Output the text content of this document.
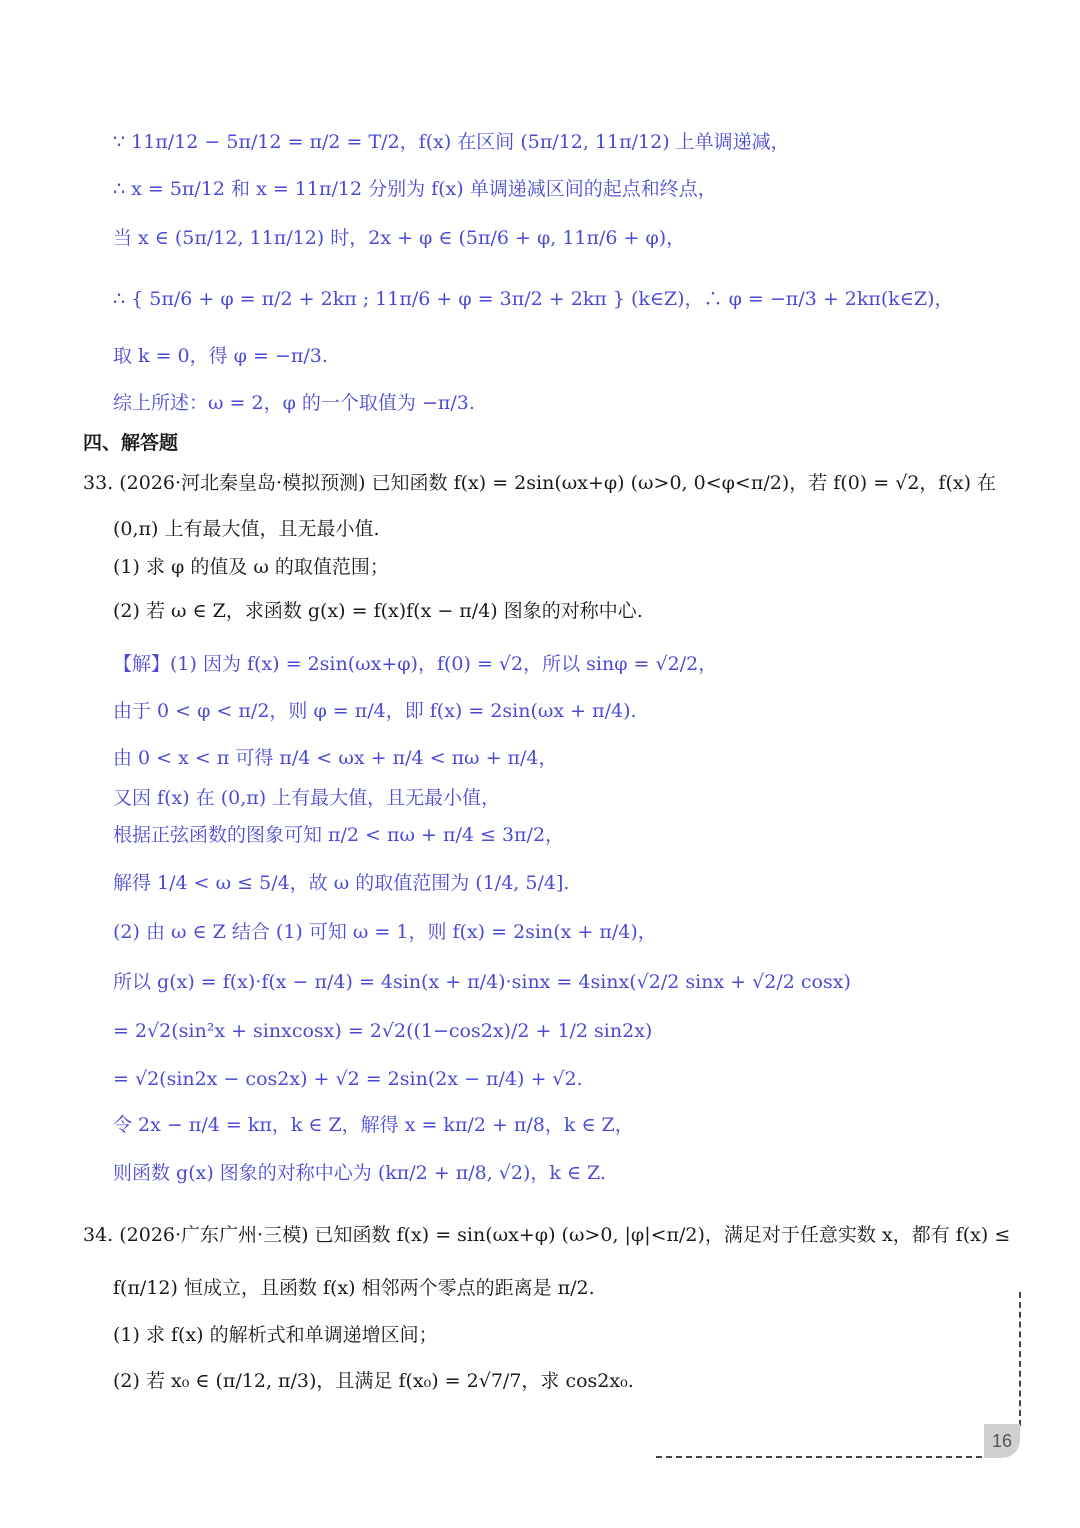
∵ 11π/12 − 5π/12 = π/2 = T/2，f(x) 在区间 (5π/12, 11π/12) 上单调递减，
∴ x = 5π/12 和 x = 11π/12 分别为 f(x) 单调递减区间的起点和终点，
当 x ∈ (5π/12, 11π/12) 时，2x + φ ∈ (5π/6 + φ, 11π/6 + φ)，
∴ { 5π/6 + φ = π/2 + 2kπ ; 11π/6 + φ = 3π/2 + 2kπ } (k∈Z)，∴ φ = −π/3 + 2kπ(k∈Z)，
取 k = 0，得 φ = −π/3.
综上所述：ω = 2，φ 的一个取值为 −π/3.
四、解答题
33. (2026·河北秦皇岛·模拟预测) 已知函数 f(x) = 2sin(ωx+φ) (ω>0, 0<φ<π/2)，若 f(0) = √2，f(x) 在
(0,π) 上有最大值，且无最小值.
(1) 求 φ 的值及 ω 的取值范围；
(2) 若 ω ∈ Z，求函数 g(x) = f(x)f(x − π/4) 图象的对称中心.
【解】(1) 因为 f(x) = 2sin(ωx+φ)，f(0) = √2，所以 sinφ = √2/2，
由于 0 < φ < π/2，则 φ = π/4，即 f(x) = 2sin(ωx + π/4).
由 0 < x < π 可得 π/4 < ωx + π/4 < πω + π/4，
又因 f(x) 在 (0,π) 上有最大值，且无最小值，
根据正弦函数的图象可知 π/2 < πω + π/4 ≤ 3π/2，
解得 1/4 < ω ≤ 5/4，故 ω 的取值范围为 (1/4, 5/4].
(2) 由 ω ∈ Z 结合 (1) 可知 ω = 1，则 f(x) = 2sin(x + π/4)，
所以 g(x) = f(x)·f(x − π/4) = 4sin(x + π/4)·sinx = 4sinx(√2/2 sinx + √2/2 cosx)
= 2√2(sin²x + sinxcosx) = 2√2((1−cos2x)/2 + 1/2 sin2x)
= √2(sin2x − cos2x) + √2 = 2sin(2x − π/4) + √2.
令 2x − π/4 = kπ，k ∈ Z，解得 x = kπ/2 + π/8，k ∈ Z，
则函数 g(x) 图象的对称中心为 (kπ/2 + π/8, √2)，k ∈ Z.
34. (2026·广东广州·三模) 已知函数 f(x) = sin(ωx+φ) (ω>0, |φ|<π/2)，满足对于任意实数 x，都有 f(x) ≤
f(π/12) 恒成立，且函数 f(x) 相邻两个零点的距离是 π/2.
(1) 求 f(x) 的解析式和单调递增区间；
(2) 若 x₀ ∈ (π/12, π/3)，且满足 f(x₀) = 2√7/7，求 cos2x₀.
16
